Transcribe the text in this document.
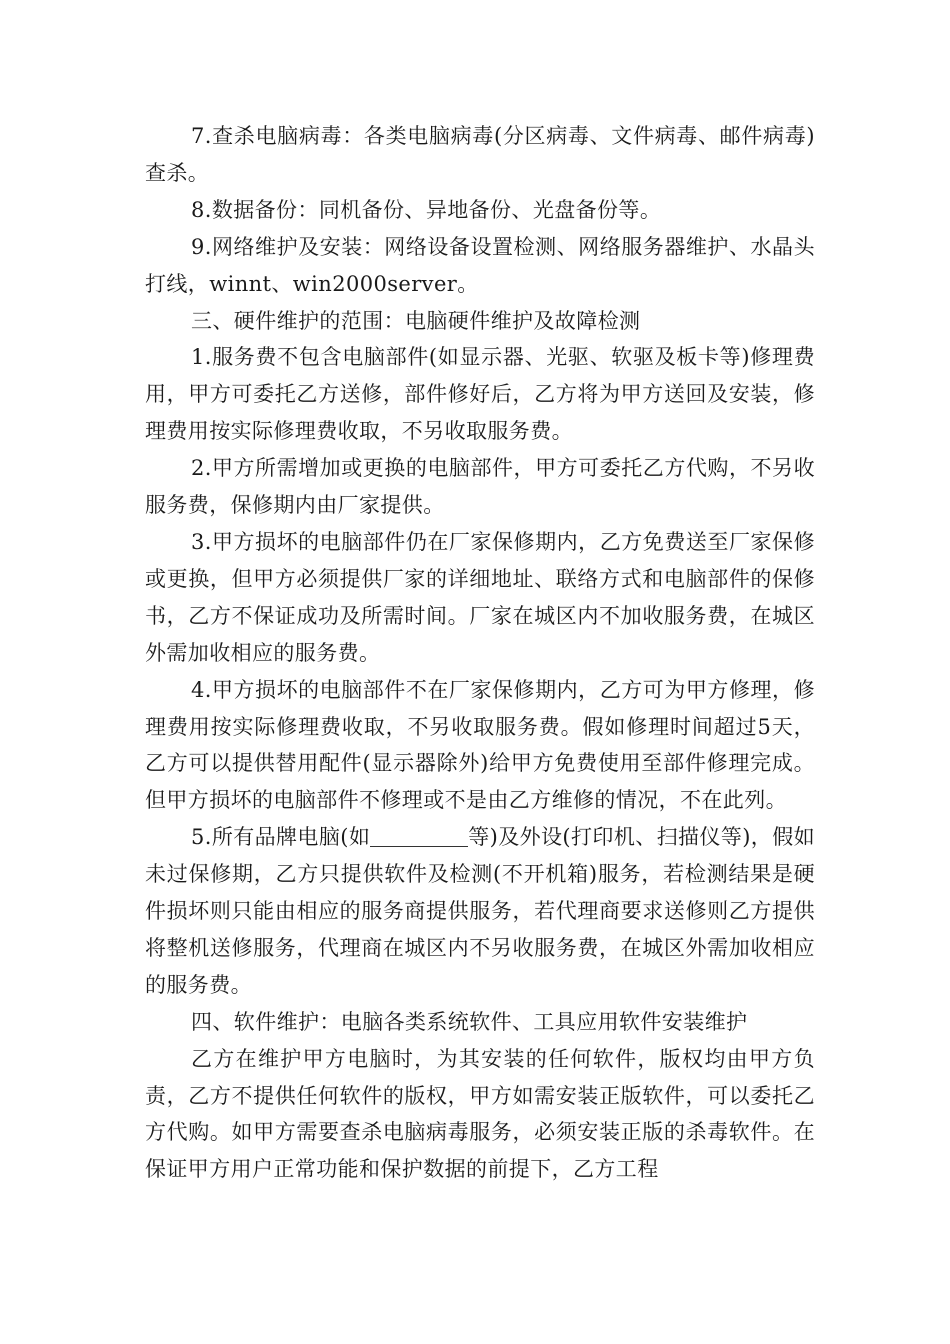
7.查杀电脑病毒：各类电脑病毒(分区病毒、文件病毒、邮件病毒)查杀。

8.数据备份：同机备份、异地备份、光盘备份等。

9.网络维护及安装：网络设备设置检测、网络服务器维护、水晶头打线，winnt、win2000server。

三、硬件维护的范围：电脑硬件维护及故障检测

1.服务费不包含电脑部件(如显示器、光驱、软驱及板卡等)修理费用，甲方可委托乙方送修，部件修好后，乙方将为甲方送回及安装，修理费用按实际修理费收取，不另收取服务费。

2.甲方所需增加或更换的电脑部件，甲方可委托乙方代购，不另收服务费，保修期内由厂家提供。

3.甲方损坏的电脑部件仍在厂家保修期内，乙方免费送至厂家保修或更换，但甲方必须提供厂家的详细地址、联络方式和电脑部件的保修书，乙方不保证成功及所需时间。厂家在城区内不加收服务费，在城区外需加收相应的服务费。

4.甲方损坏的电脑部件不在厂家保修期内，乙方可为甲方修理，修理费用按实际修理费收取，不另收取服务费。假如修理时间超过5天，乙方可以提供替用配件(显示器除外)给甲方免费使用至部件修理完成。但甲方损坏的电脑部件不修理或不是由乙方维修的情况，不在此列。

5.所有品牌电脑(如	等)及外设(打印机、扫描仪等)，假如未过保修期，乙方只提供软件及检测(不开机箱)服务，若检测结果是硬件损坏则只能由相应的服务商提供服务，若代理商要求送修则乙方提供将整机送修服务，代理商在城区内不另收服务费，在城区外需加收相应的服务费。

四、软件维护：电脑各类系统软件、工具应用软件安装维护

乙方在维护甲方电脑时，为其安装的任何软件，版权均由甲方负责，乙方不提供任何软件的版权，甲方如需安装正版软件，可以委托乙方代购。如甲方需要查杀电脑病毒服务，必须安装正版的杀毒软件。在保证甲方用户正常功能和保护数据的前提下，乙方工程
